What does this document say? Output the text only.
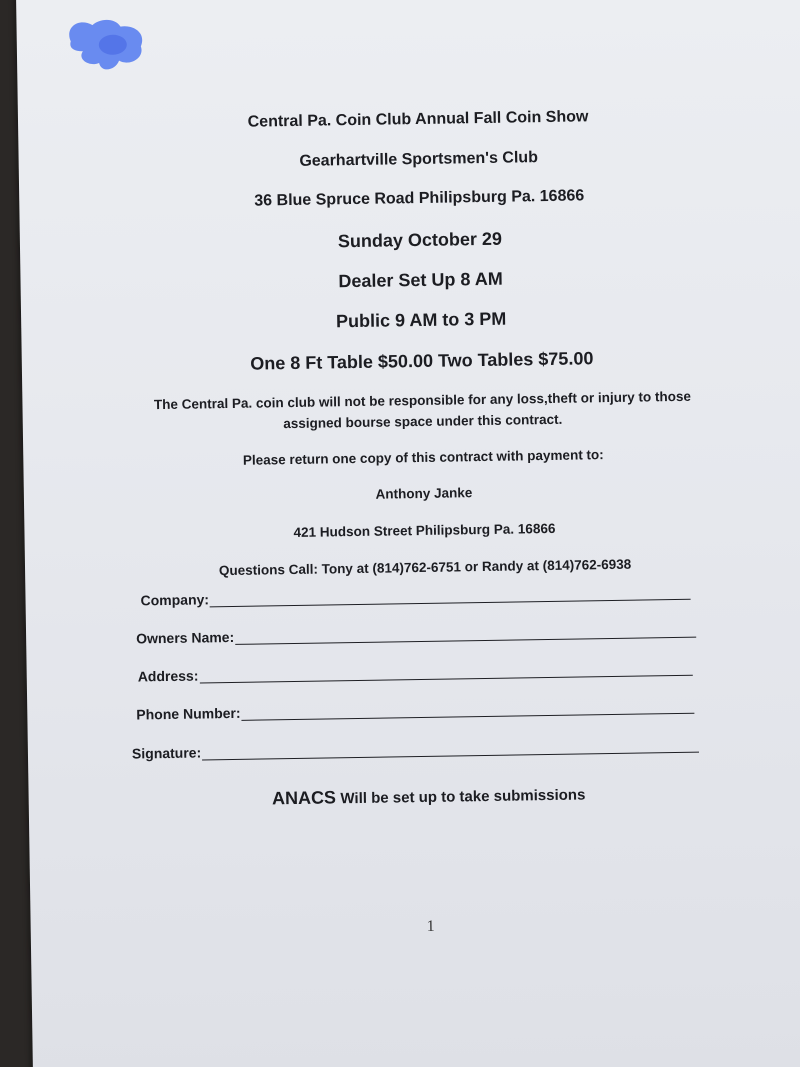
Central Pa. Coin Club Annual Fall Coin Show
Gearhartville Sportsmen's Club
36 Blue Spruce Road Philipsburg Pa. 16866
Sunday October 29
Dealer Set Up 8 AM
Public 9 AM to 3 PM
One 8 Ft Table $50.00 Two Tables $75.00
The Central Pa. coin club will not be responsible for any loss,theft or injury to those
assigned bourse space under this contract.
Please return one copy of this contract with payment to:
Anthony Janke
421 Hudson Street Philipsburg Pa. 16866
Questions Call: Tony at (814)762-6751 or Randy at (814)762-6938
Company:
Owners Name:
Address:
Phone Number:
Signature:
ANACS Will be set up to take submissions
1
